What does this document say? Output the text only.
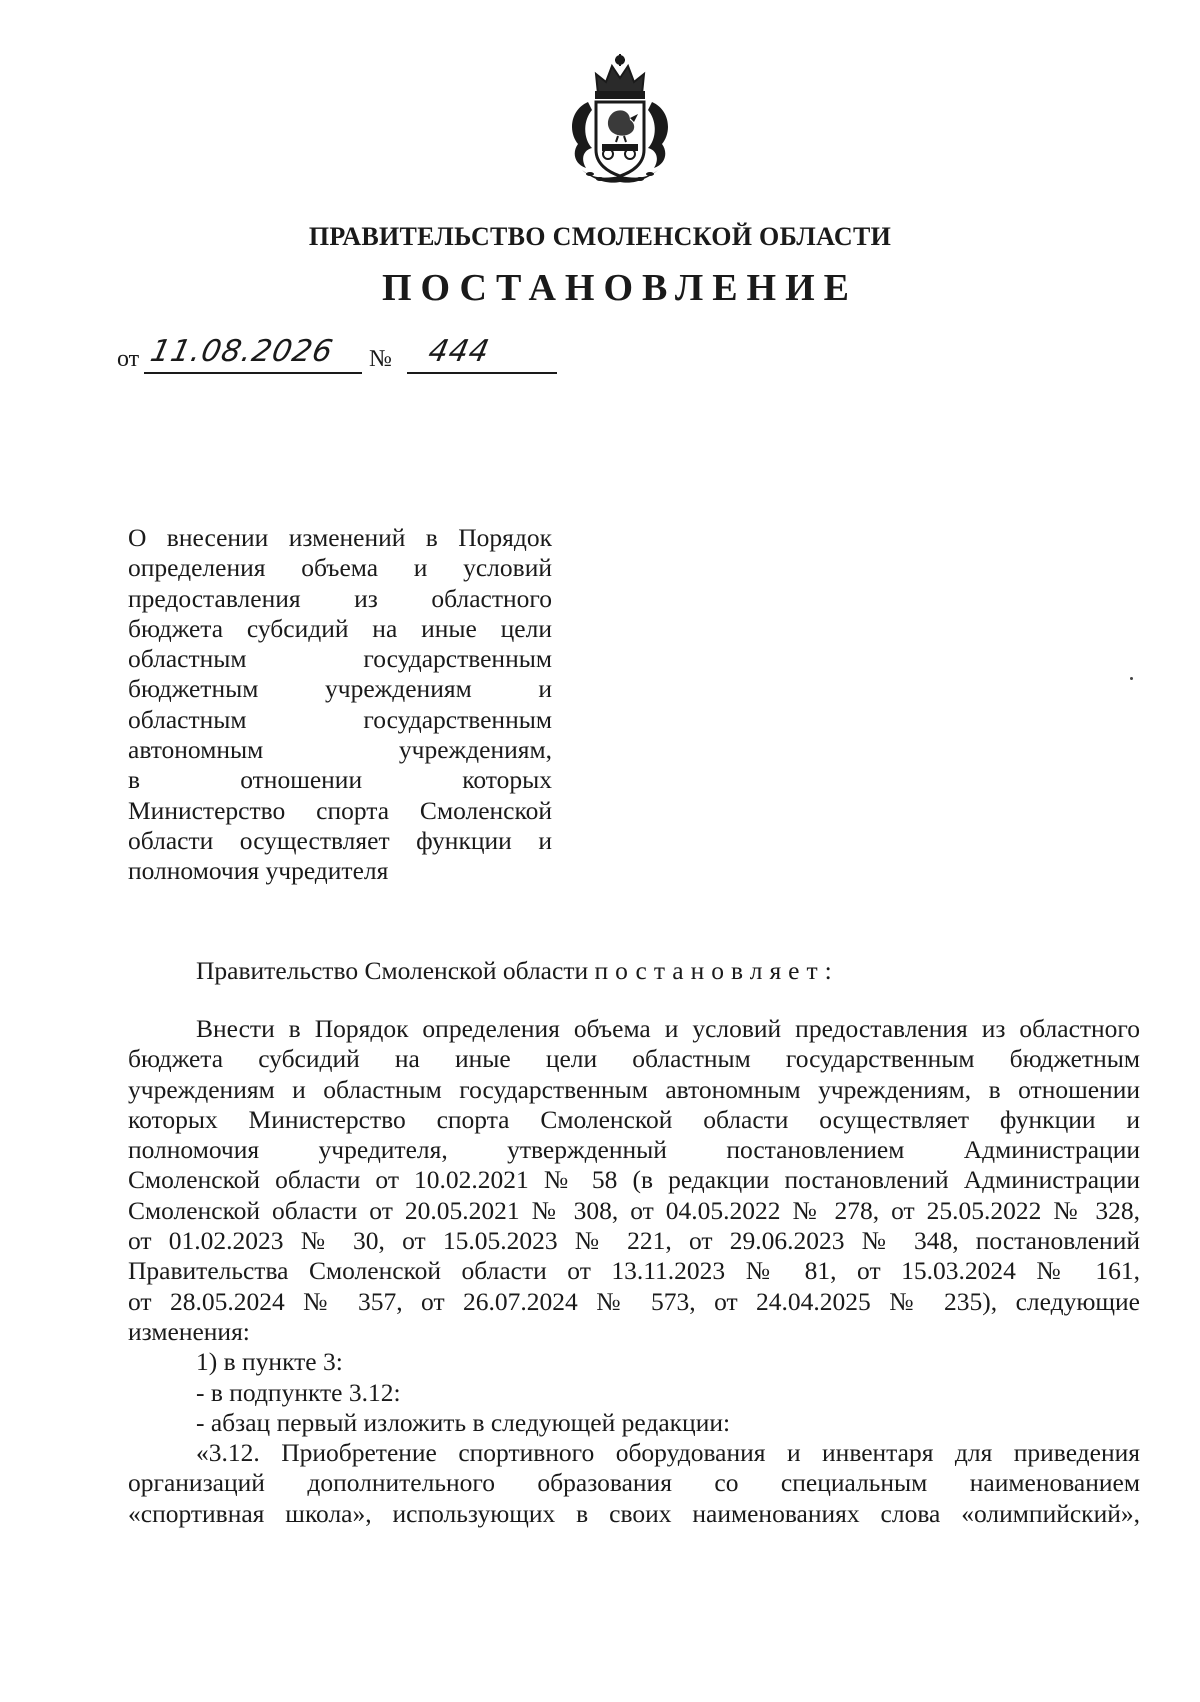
ПРАВИТЕЛЬСТВО СМОЛЕНСКОЙ ОБЛАСТИ
ПОСТАНОВЛЕНИЕ
от 11.08.2026 № 444
О внесении изменений в Порядок
определения объема и условий
предоставления из областного
бюджета субсидий на иные цели
областным государственным
бюджетным учреждениям и
областным государственным
автономным учреждениям,
в отношении которых
Министерство спорта Смоленской
области осуществляет функции и
полномочия учредителя
Правительство Смоленской области постановляет:
Внести в Порядок определения объема и условий предоставления из областного
бюджета субсидий на иные цели областным государственным бюджетным
учреждениям и областным государственным автономным учреждениям, в отношении
которых Министерство спорта Смоленской области осуществляет функции и
полномочия учредителя, утвержденный постановлением Администрации
Смоленской области от 10.02.2021 № 58 (в редакции постановлений Администрации
Смоленской области от 20.05.2021 № 308, от 04.05.2022 № 278, от 25.05.2022 № 328,
от 01.02.2023 № 30, от 15.05.2023 № 221, от 29.06.2023 № 348, постановлений
Правительства Смоленской области от 13.11.2023 № 81, от 15.03.2024 № 161,
от 28.05.2024 № 357, от 26.07.2024 № 573, от 24.04.2025 № 235), следующие
изменения:
1) в пункте 3:
- в подпункте 3.12:
- абзац первый изложить в следующей редакции:
«3.12. Приобретение спортивного оборудования и инвентаря для приведения
организаций дополнительного образования со специальным наименованием
«спортивная школа», использующих в своих наименованиях слова «олимпийский»,
